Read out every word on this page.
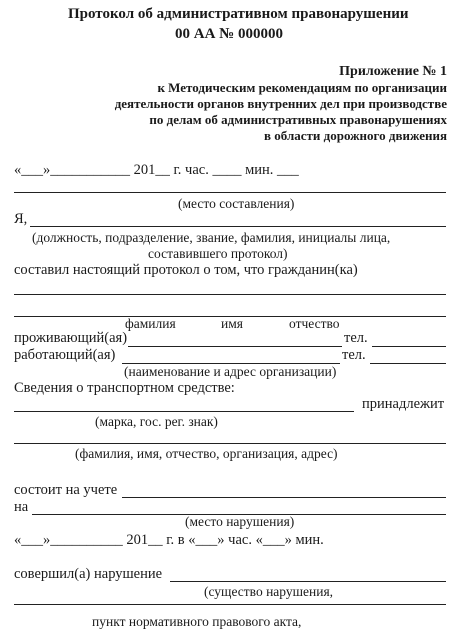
Протокол об административном правонарушении
00 АА № 000000
Приложение № 1
к Методическим рекомендациям по организации
деятельности органов внутренних дел при производстве
по делам об административных правонарушениях
в области дорожного движения
«___»___________ 201__ г. час. ____ мин. ___
(место составления)
Я,
(должность, подразделение, звание, фамилия, инициалы лица,
составившего протокол)
составил настоящий протокол о том, что гражданин(ка)
фамилия	имя	отчество
проживающий(ая)	тел.
работающий(ая)	тел.
(наименование и адрес организации)
Сведения о транспортном средстве:
принадлежит
(марка, гос. рег. знак)
(фамилия, имя, отчество, организация, адрес)
состоит на учете
на
(место нарушения)
«___»__________ 201__ г. в «___» час. «___» мин.
совершил(а) нарушение
(существо нарушения,
пункт нормативного правового акта,
